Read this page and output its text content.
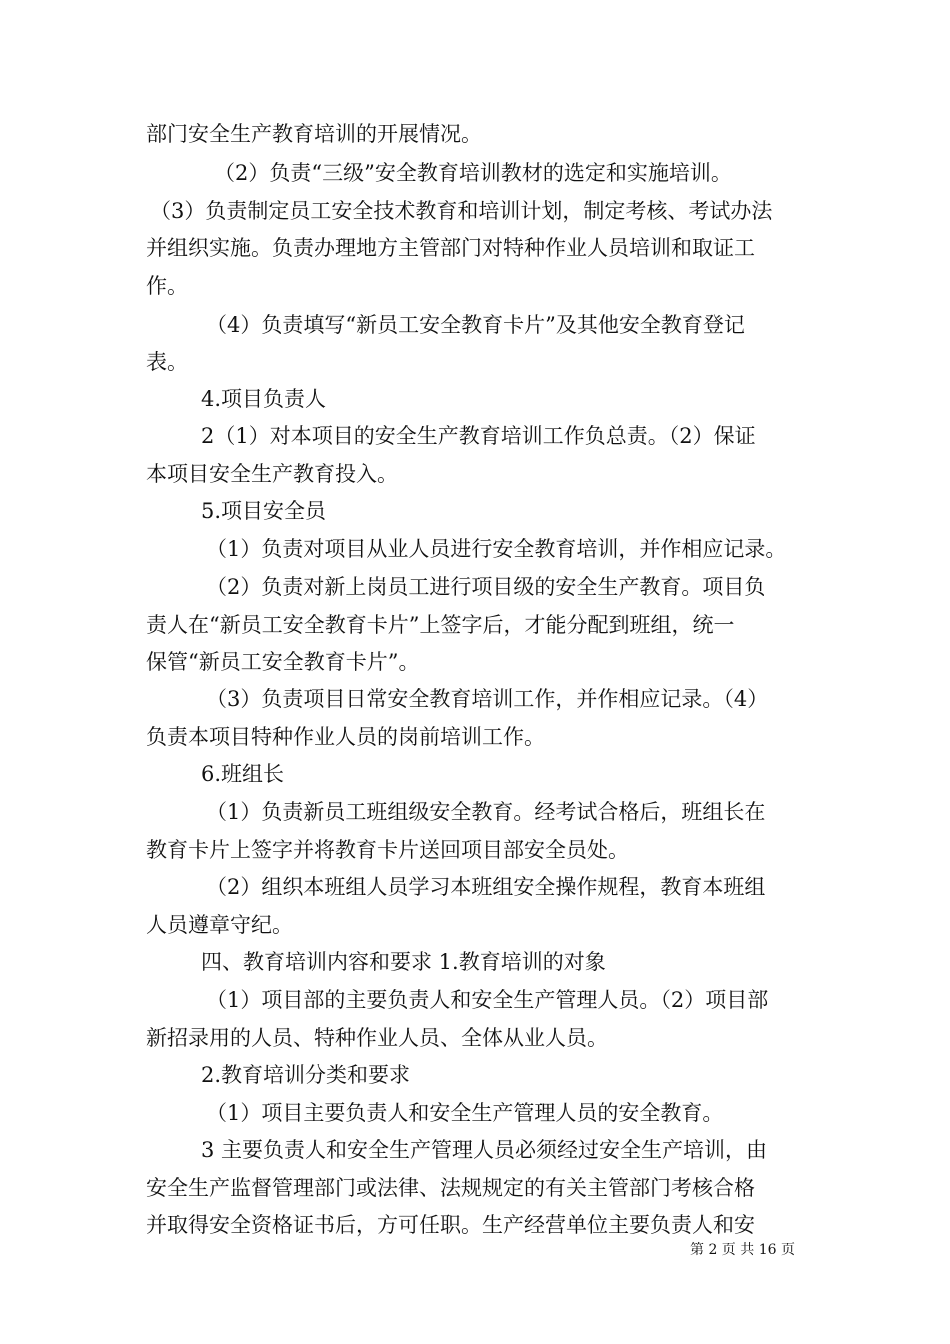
部门安全生产教育培训的开展情况。
（2）负责“三级”安全教育培训教材的选定和实施培训。
（3）负责制定员工安全技术教育和培训计划，制定考核、考试办法
并组织实施。负责办理地方主管部门对特种作业人员培训和取证工
作。
（4）负责填写“新员工安全教育卡片”及其他安全教育登记
表。
4.项目负责人
2（1）对本项目的安全生产教育培训工作负总责。（2）保证
本项目安全生产教育投入。
5.项目安全员
（1）负责对项目从业人员进行安全教育培训，并作相应记录。
（2）负责对新上岗员工进行项目级的安全生产教育。项目负
责人在“新员工安全教育卡片”上签字后，才能分配到班组，统一
保管“新员工安全教育卡片”。
（3）负责项目日常安全教育培训工作，并作相应记录。（4）
负责本项目特种作业人员的岗前培训工作。
6.班组长
（1）负责新员工班组级安全教育。经考试合格后，班组长在
教育卡片上签字并将教育卡片送回项目部安全员处。
（2）组织本班组人员学习本班组安全操作规程，教育本班组
人员遵章守纪。
四、教育培训内容和要求 1.教育培训的对象
（1）项目部的主要负责人和安全生产管理人员。（2）项目部
新招录用的人员、特种作业人员、全体从业人员。
2.教育培训分类和要求
（1）项目主要负责人和安全生产管理人员的安全教育。
3 主要负责人和安全生产管理人员必须经过安全生产培训，由
安全生产监督管理部门或法律、法规规定的有关主管部门考核合格
并取得安全资格证书后，方可任职。生产经营单位主要负责人和安
第 2 页 共 16 页
